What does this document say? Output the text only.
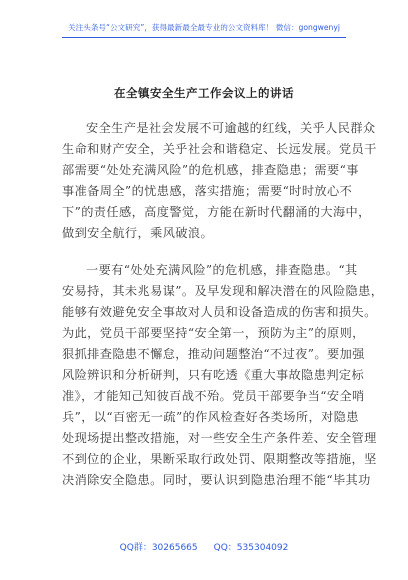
关注头条号“公文研究”，获得最新最全最专业的公文资料库！ 微信：gongwenyj
在全镇安全生产工作会议上的讲话
安全生产是社会发展不可逾越的红线，关乎人民群众
生命和财产安全，关乎社会和谐稳定、长远发展。党员干
部需要“处处充满风险”的危机感，排查隐患；需要“事
事准备周全”的忧患感，落实措施；需要“时时放心不
下”的责任感，高度警觉，方能在新时代翻涌的大海中，
做到安全航行，乘风破浪。
一要有“处处充满风险”的危机感，排查隐患。“其
安易持，其未兆易谋”。及早发现和解决潜在的风险隐患，
能够有效避免安全事故对人员和设备造成的伤害和损失。
为此，党员干部要坚持“安全第一，预防为主”的原则，
狠抓排查隐患不懈怠，推动问题整治“不过夜”。要加强
风险辨识和分析研判，只有吃透《重大事故隐患判定标
准》，才能知己知彼百战不殆。党员干部要争当“安全哨
兵”，以“百密无一疏”的作风检查好各类场所，对隐患
处现场提出整改措施，对一些安全生产条件差、安全管理
不到位的企业，果断采取行政处罚、限期整改等措施，坚
决消除安全隐患。同时，要认识到隐患治理不能“毕其功
QQ群：30265665 QQ：535304092
